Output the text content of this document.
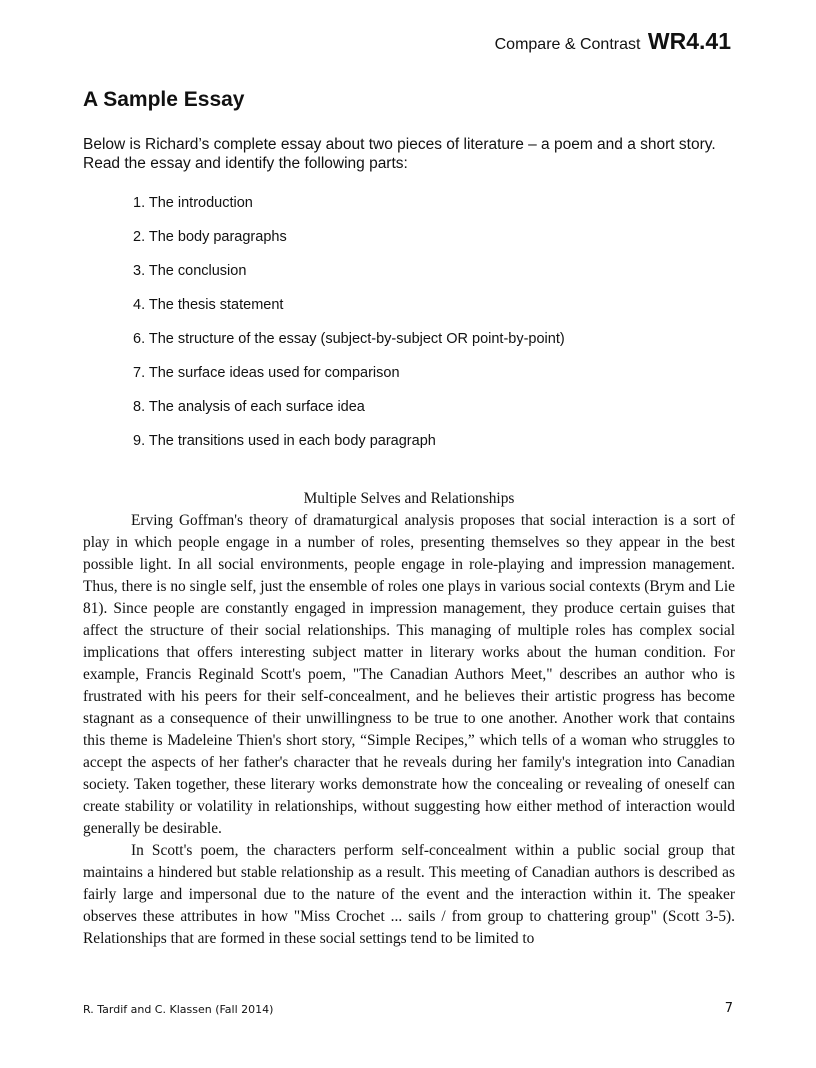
Compare & Contrast WR4.41
A Sample Essay

Below is Richard’s complete essay about two pieces of literature – a poem and a short story. Read the essay and identify the following parts:

1. The introduction
2. The body paragraphs
3. The conclusion
4. The thesis statement
6. The structure of the essay (subject-by-subject OR point-by-point)
7. The surface ideas used for comparison
8. The analysis of each surface idea
9. The transitions used in each body paragraph

Multiple Selves and Relationships

Erving Goffman's theory of dramaturgical analysis proposes that social interaction is a sort of play in which people engage in a number of roles, presenting themselves so they appear in the best possible light. In all social environments, people engage in role-playing and impression management. Thus, there is no single self, just the ensemble of roles one plays in various social contexts (Brym and Lie 81). Since people are constantly engaged in impression management, they produce certain guises that affect the structure of their social relationships. This managing of multiple roles has complex social implications that offers interesting subject matter in literary works about the human condition. For example, Francis Reginald Scott's poem, "The Canadian Authors Meet," describes an author who is frustrated with his peers for their self-concealment, and he believes their artistic progress has become stagnant as a consequence of their unwillingness to be true to one another. Another work that contains this theme is Madeleine Thien's short story, “Simple Recipes,” which tells of a woman who struggles to accept the aspects of her father's character that he reveals during her family's integration into Canadian society. Taken together, these literary works demonstrate how the concealing or revealing of oneself can create stability or volatility in relationships, without suggesting how either method of interaction would generally be desirable.

In Scott's poem, the characters perform self-concealment within a public social group that maintains a hindered but stable relationship as a result. This meeting of Canadian authors is described as fairly large and impersonal due to the nature of the event and the interaction within it. The speaker observes these attributes in how "Miss Crochet ... sails / from group to chattering group" (Scott 3-5). Relationships that are formed in these social settings tend to be limited to

R. Tardif and C. Klassen (Fall 2014)	7
